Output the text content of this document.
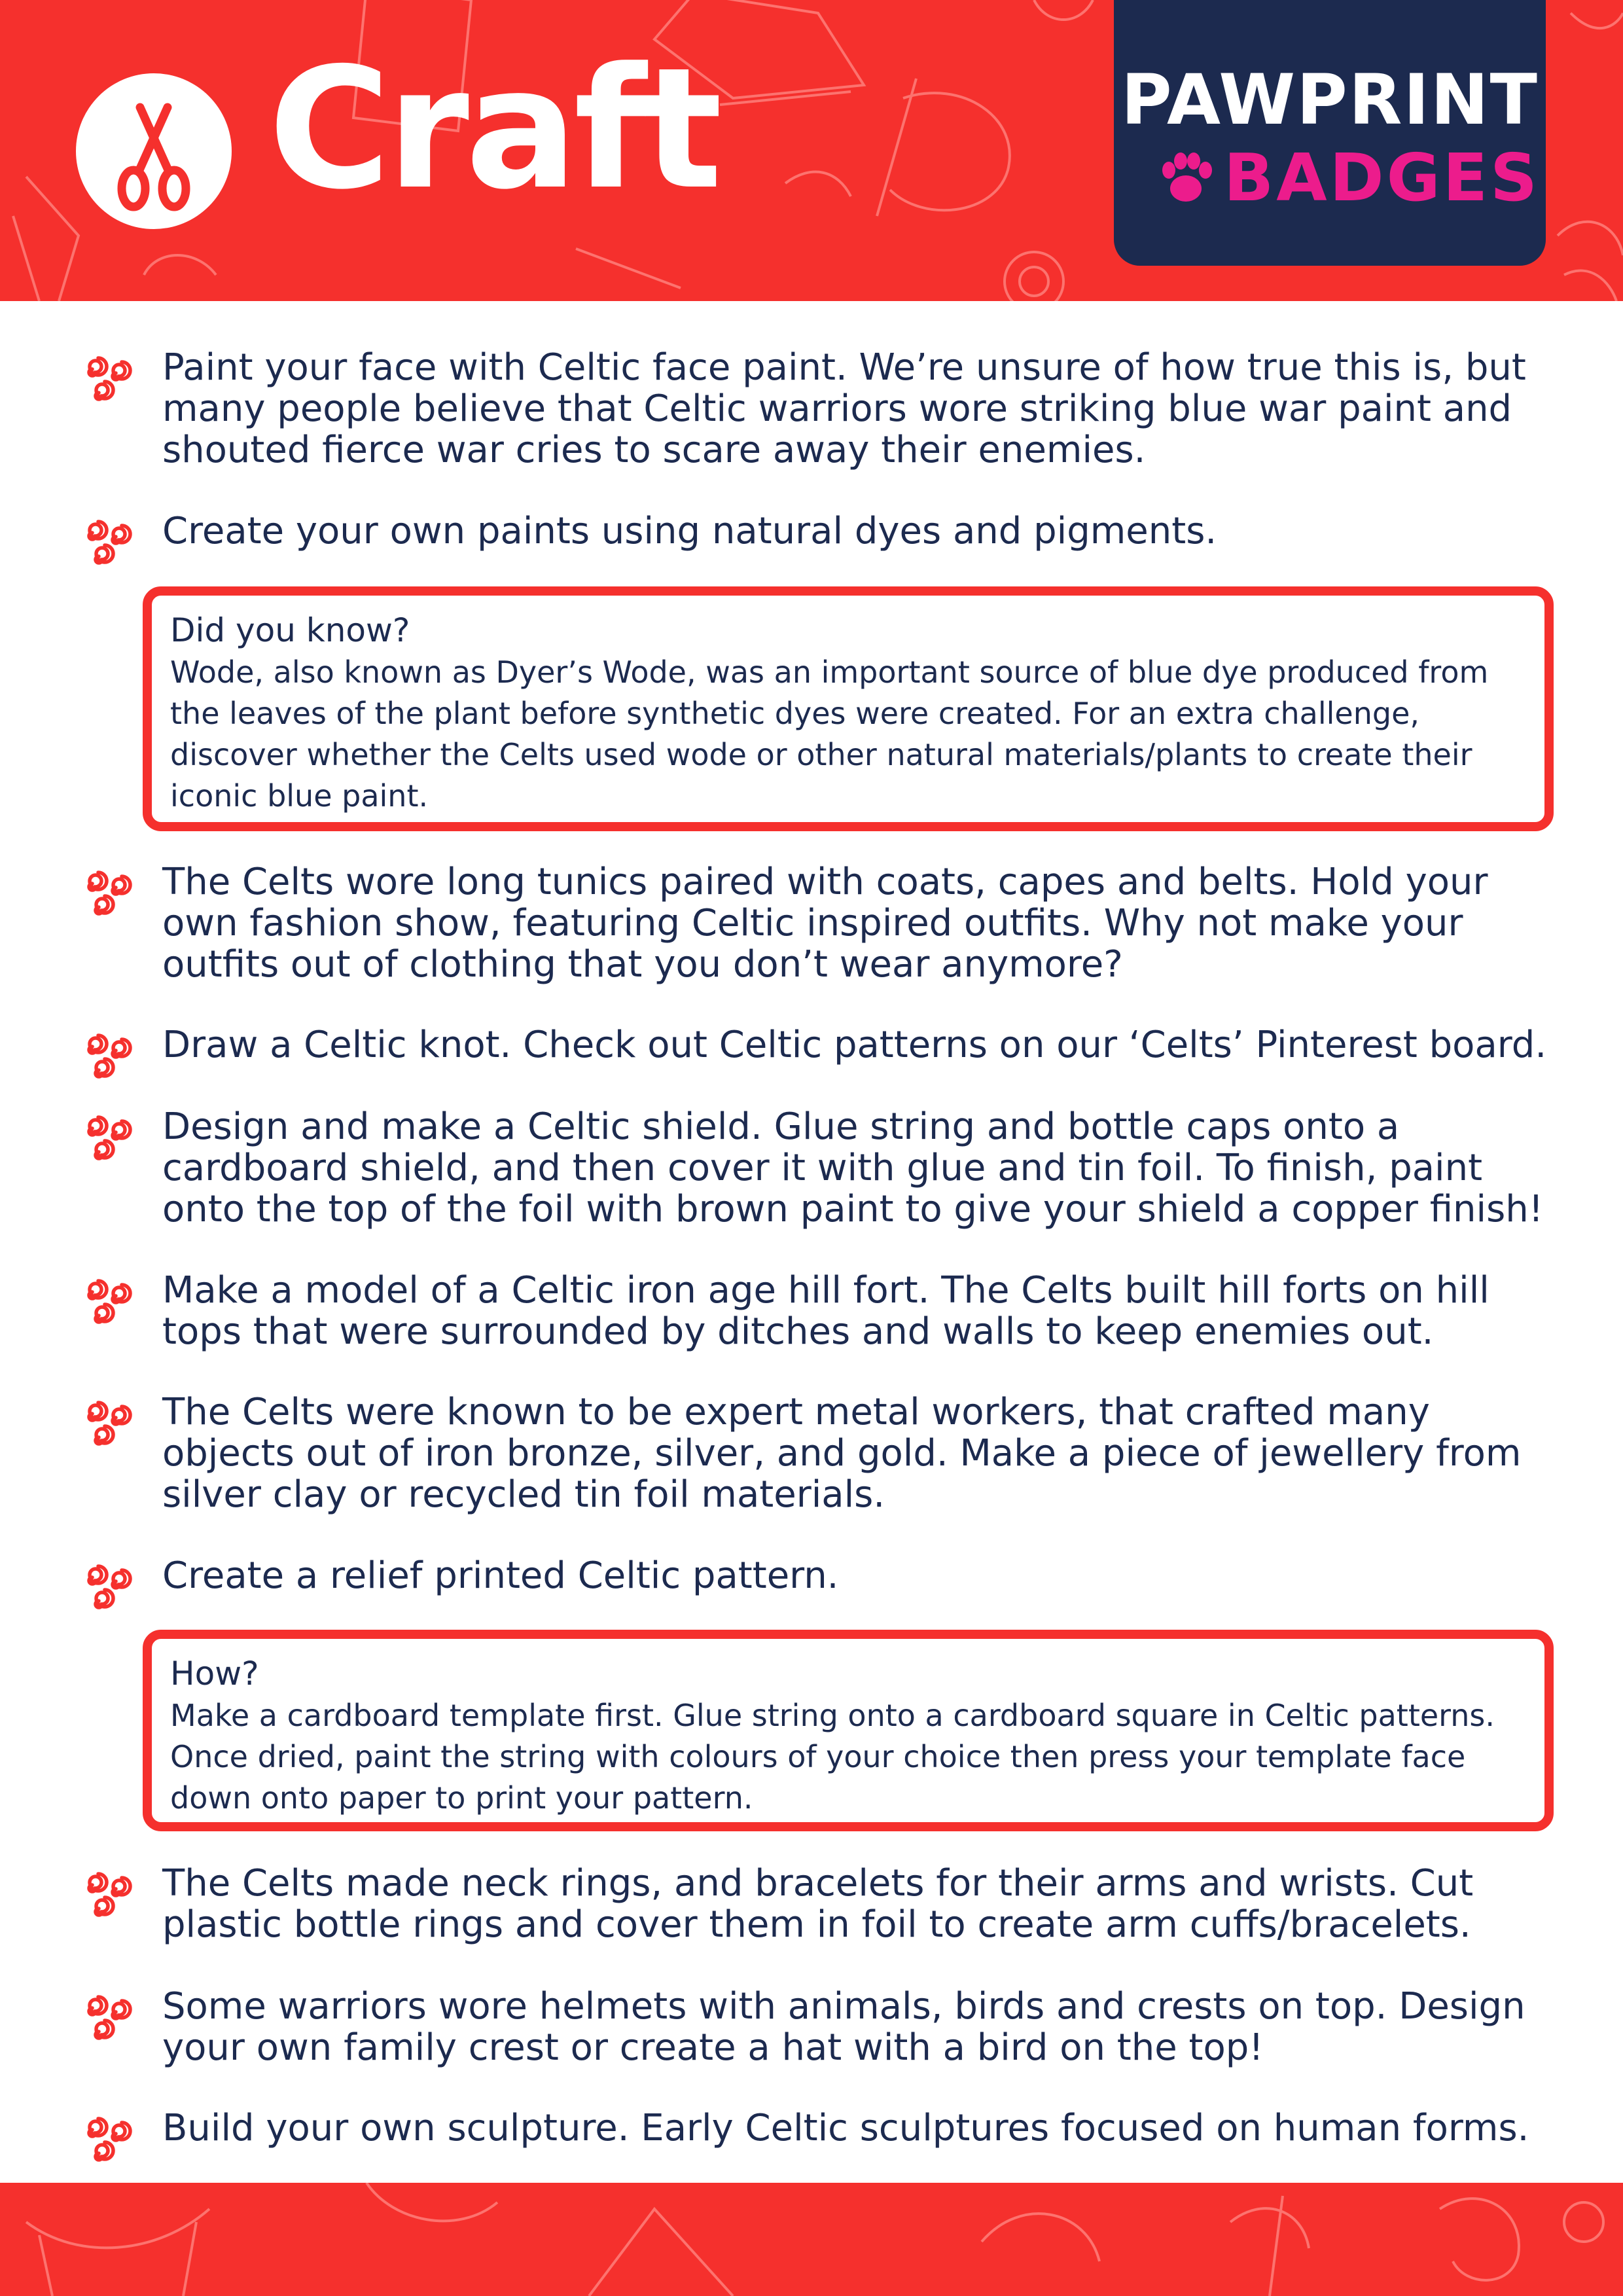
Craft	PAWPRINT
BADGES

Paint your face with Celtic face paint. We’re unsure of how true this is, but many people believe that Celtic warriors wore striking blue war paint and shouted fierce war cries to scare away their enemies.

Create your own paints using natural dyes and pigments.

Did you know?

Wode, also known as Dyer’s Wode, was an important source of blue dye produced from the leaves of the plant before synthetic dyes were created. For an extra challenge, discover whether the Celts used wode or other natural materials/plants to create their iconic blue paint.

The Celts wore long tunics paired with coats, capes and belts. Hold your own fashion show, featuring Celtic inspired outfits. Why not make your outfits out of clothing that you don’t wear anymore?

Draw a Celtic knot. Check out Celtic patterns on our ‘Celts’ Pinterest board.

Design and make a Celtic shield. Glue string and bottle caps onto a cardboard shield, and then cover it with glue and tin foil. To finish, paint onto the top of the foil with brown paint to give your shield a copper finish!

Make a model of a Celtic iron age hill fort. The Celts built hill forts on hill tops that were surrounded by ditches and walls to keep enemies out.

The Celts were known to be expert metal workers, that crafted many objects out of iron bronze, silver, and gold. Make a piece of jewellery from silver clay or recycled tin foil materials.

Create a relief printed Celtic pattern.

How?

Make a cardboard template first. Glue string onto a cardboard square in Celtic patterns. Once dried, paint the string with colours of your choice then press your template face down onto paper to print your pattern.

The Celts made neck rings, and bracelets for their arms and wrists. Cut plastic bottle rings and cover them in foil to create arm cuffs/bracelets.

Some warriors wore helmets with animals, birds and crests on top. Design your own family crest or create a hat with a bird on the top!

Build your own sculpture. Early Celtic sculptures focused on human forms.
